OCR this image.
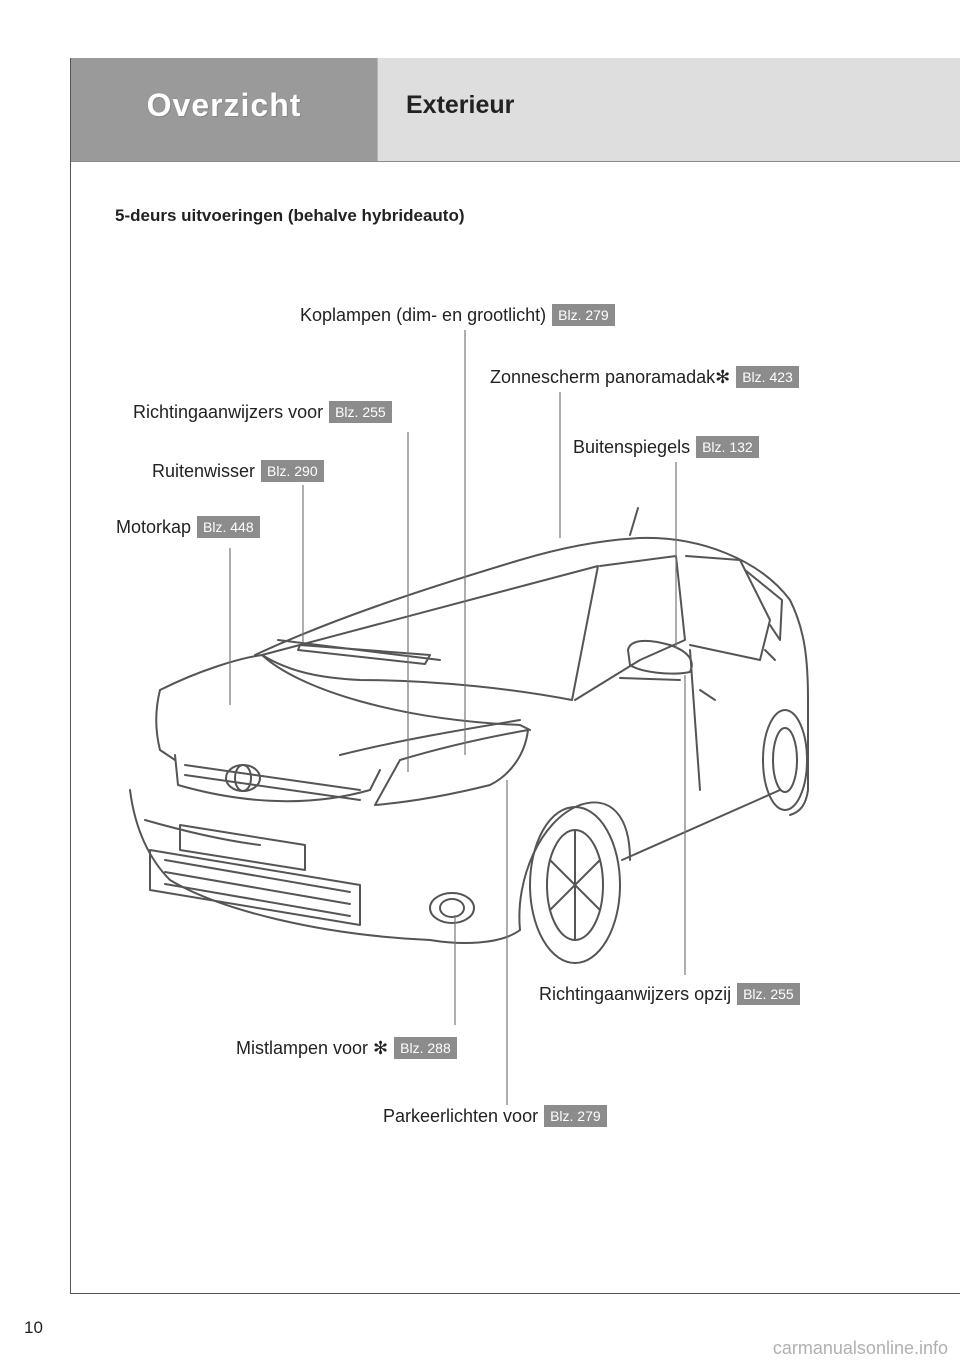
Overzicht	Exterieur
5-deurs uitvoeringen (behalve hybrideauto)
Koplampen (dim- en grootlicht) Blz. 279
Zonnescherm panoramadak✻ Blz. 423
Richtingaanwijzers voor Blz. 255
Buitenspiegels Blz. 132
Ruitenwisser Blz. 290
Motorkap Blz. 448
Richtingaanwijzers opzij Blz. 255
Mistlampen voor ✻ Blz. 288
Parkeerlichten voor Blz. 279
10
carmanualsonline.info
